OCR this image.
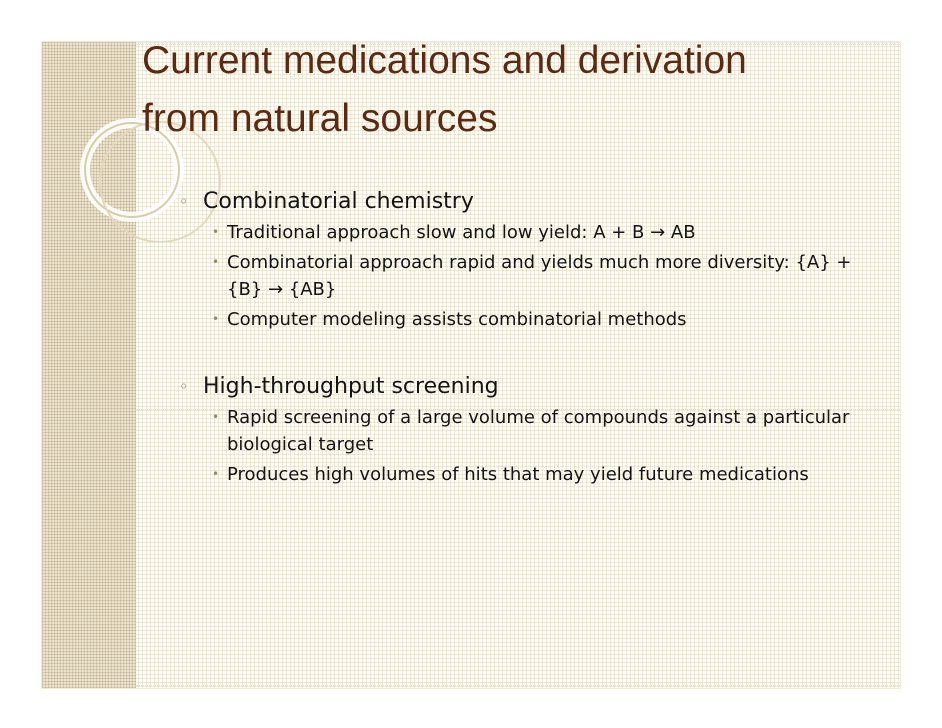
Current medications and derivation
from natural sources
◦ Combinatorial chemistry
• Traditional approach slow and low yield: A + B → AB
• Combinatorial approach rapid and yields much more diversity: {A} + {B} → {AB}
• Computer modeling assists combinatorial methods
◦ High-throughput screening
• Rapid screening of a large volume of compounds against a particular biological target
• Produces high volumes of hits that may yield future medications
